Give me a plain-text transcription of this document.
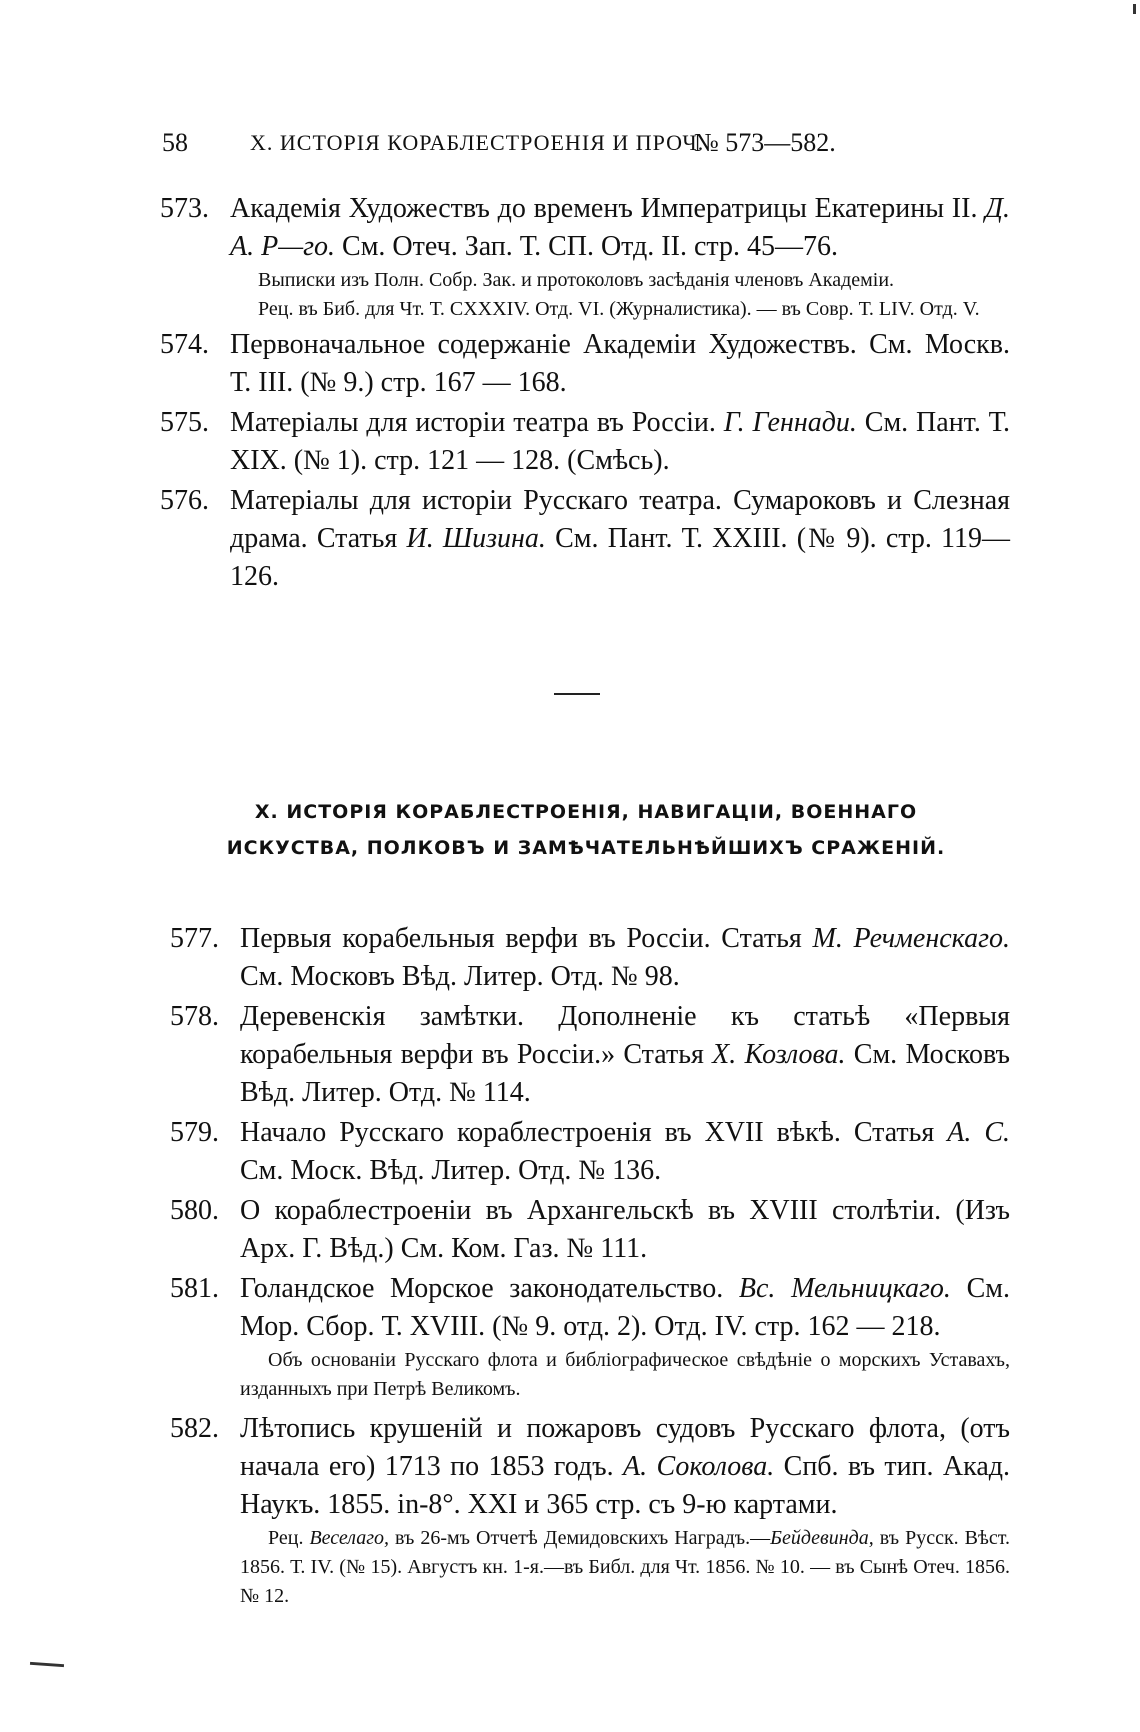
58	X. ИСТОРІЯ КОРАБЛЕСТРОЕНІЯ И ПРОЧ.
№ 573—582.
573. Академія Художествъ до временъ Императрицы Екатерины II. Д. А. Р—го. См. Отеч. Зап. Т. СП. Отд. II. стр. 45—76.
Выписки изъ Полн. Собр. Зак. и протоколовъ засѣданія членовъ Академіи.
Рец. въ Биб. для Чт. Т. CXXXIV. Отд. VI. (Журналистика). — въ Совр. Т. LIV. Отд. V.
574. Первоначальное содержаніе Академіи Художествъ. См. Москв. Т. III. (№ 9.) стр. 167 — 168.
575. Матеріалы для исторіи театра въ Россіи. Г. Геннади. См. Пант. Т. XIX. (№ 1). стр. 121 — 128. (Смѣсь).
576. Матеріалы для исторіи Русскаго театра. Сумароковъ и Слезная драма. Статья И. Шизина. См. Пант. Т. XXIII. (№ 9). стр. 119—126.
X. ИСТОРІЯ КОРАБЛЕСТРОЕНІЯ, НАВИГАЦІИ, ВОЕННАГО ИСКУСТВА, ПОЛКОВЪ И ЗАМѢЧАТЕЛЬНѢЙШИХЪ СРАЖЕНІЙ.
577. Первыя корабельныя верфи въ Россіи. Статья М. Речменскаго. См. Московъ Вѣд. Литер. Отд. № 98.
578. Деревенскія замѣтки. Дополненіе къ статьѣ «Первыя корабельныя верфи въ Россіи.» Статья Х. Козлова. См. Московъ Вѣд. Литер. Отд. № 114.
579. Начало Русскаго кораблестроенія въ XVII вѣкѣ. Статья А. С. См. Моск. Вѣд. Литер. Отд. № 136.
580. О кораблестроеніи въ Архангельскѣ въ XVIII столѣтіи. (Изъ Арх. Г. Вѣд.) См. Ком. Газ. № 111.
581. Голандское Морское законодательство. Вс. Мельницкаго. См. Мор. Сбор. Т. XVIII. (№ 9. отд. 2). Отд. IV. стр. 162 — 218.
Объ основаніи Русскаго флота и библіографическое свѣдѣніе о морскихъ Уставахъ, изданныхъ при Петрѣ Великомъ.
582. Лѣтопись крушеній и пожаровъ судовъ Русскаго флота, (отъ начала его) 1713 по 1853 годъ. А. Соколова. Спб. въ тип. Акад. Наукъ. 1855. in-8°. XXI и 365 стр. съ 9-ю картами.
Рец. Веселаго, въ 26-мъ Отчетѣ Демидовскихъ Наградъ.—Бейдевинда, въ Русск. Вѣст. 1856. Т. IV. (№ 15). Августъ кн. 1-я.—въ Библ. для Чт. 1856. № 10. — въ Сынѣ Отеч. 1856. № 12.
